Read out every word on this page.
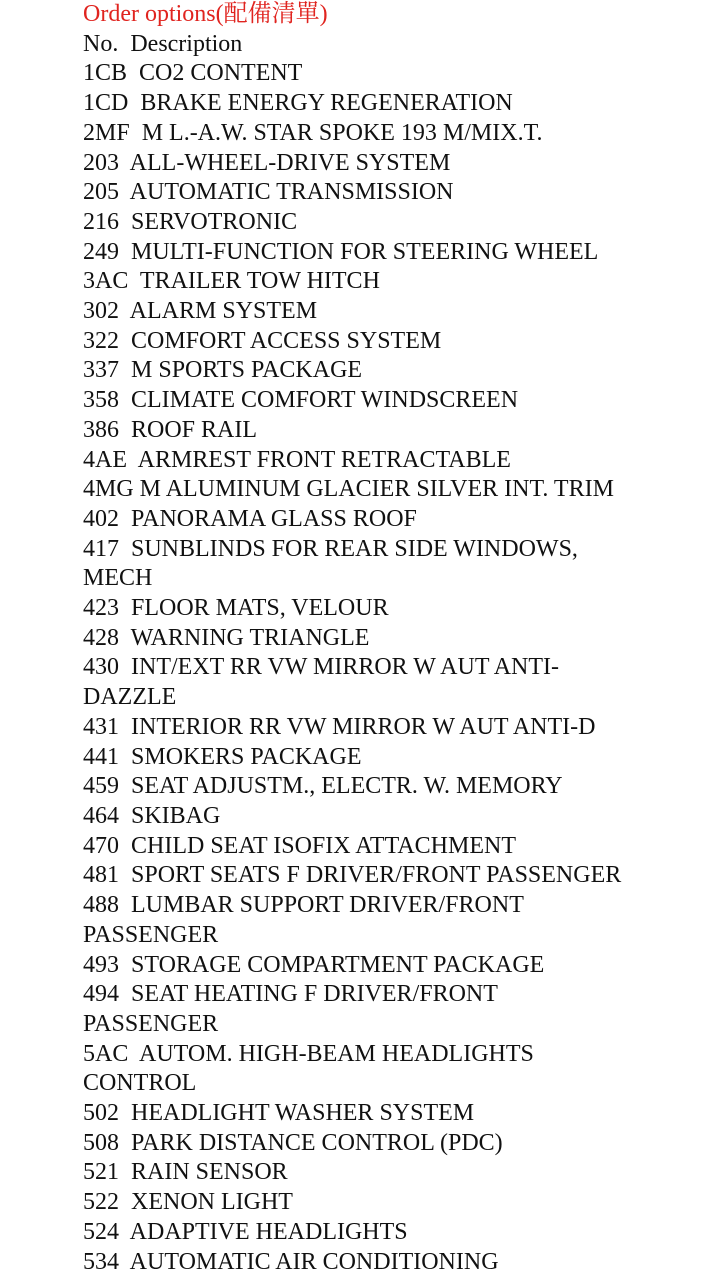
Order options(配備清單)
No.  Description
1CB  CO2 CONTENT
1CD  BRAKE ENERGY REGENERATION
2MF  M L.-A.W. STAR SPOKE 193 M/MIX.T.
203  ALL-WHEEL-DRIVE SYSTEM
205  AUTOMATIC TRANSMISSION
216  SERVOTRONIC
249  MULTI-FUNCTION FOR STEERING WHEEL
3AC  TRAILER TOW HITCH
302  ALARM SYSTEM
322  COMFORT ACCESS SYSTEM
337  M SPORTS PACKAGE
358  CLIMATE COMFORT WINDSCREEN
386  ROOF RAIL
4AE  ARMREST FRONT RETRACTABLE
4MG M ALUMINUM GLACIER SILVER INT. TRIM
402  PANORAMA GLASS ROOF
417  SUNBLINDS FOR REAR SIDE WINDOWS,
MECH
423  FLOOR MATS, VELOUR
428  WARNING TRIANGLE
430  INT/EXT RR VW MIRROR W AUT ANTI-
DAZZLE
431  INTERIOR RR VW MIRROR W AUT ANTI-D
441  SMOKERS PACKAGE
459  SEAT ADJUSTM., ELECTR. W. MEMORY
464  SKIBAG
470  CHILD SEAT ISOFIX ATTACHMENT
481  SPORT SEATS F DRIVER/FRONT PASSENGER
488  LUMBAR SUPPORT DRIVER/FRONT
PASSENGER
493  STORAGE COMPARTMENT PACKAGE
494  SEAT HEATING F DRIVER/FRONT
PASSENGER
5AC  AUTOM. HIGH-BEAM HEADLIGHTS
CONTROL
502  HEADLIGHT WASHER SYSTEM
508  PARK DISTANCE CONTROL (PDC)
521  RAIN SENSOR
522  XENON LIGHT
524  ADAPTIVE HEADLIGHTS
534  AUTOMATIC AIR CONDITIONING
